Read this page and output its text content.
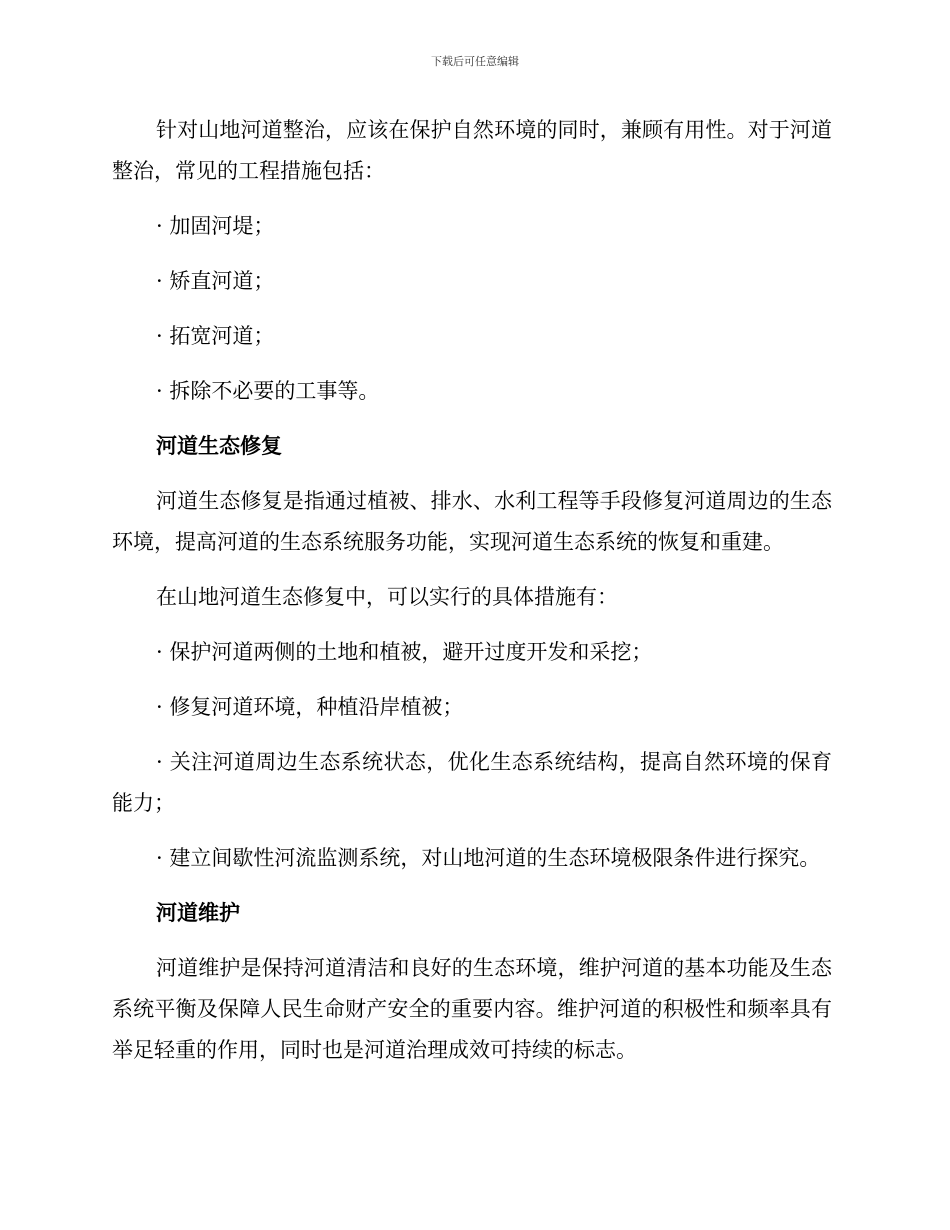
下载后可任意编辑

针对山地河道整治，应该在保护自然环境的同时，兼顾有用性。对于河道整治，常见的工程措施包括：

· 加固河堤；

· 矫直河道；

· 拓宽河道；

· 拆除不必要的工事等。

河道生态修复

河道生态修复是指通过植被、排水、水利工程等手段修复河道周边的生态环境，提高河道的生态系统服务功能，实现河道生态系统的恢复和重建。

在山地河道生态修复中，可以实行的具体措施有：

· 保护河道两侧的土地和植被，避开过度开发和采挖；

· 修复河道环境，种植沿岸植被；

· 关注河道周边生态系统状态，优化生态系统结构，提高自然环境的保育能力；

· 建立间歇性河流监测系统，对山地河道的生态环境极限条件进行探究。

河道维护

河道维护是保持河道清洁和良好的生态环境，维护河道的基本功能及生态系统平衡及保障人民生命财产安全的重要内容。维护河道的积极性和频率具有举足轻重的作用，同时也是河道治理成效可持续的标志。
